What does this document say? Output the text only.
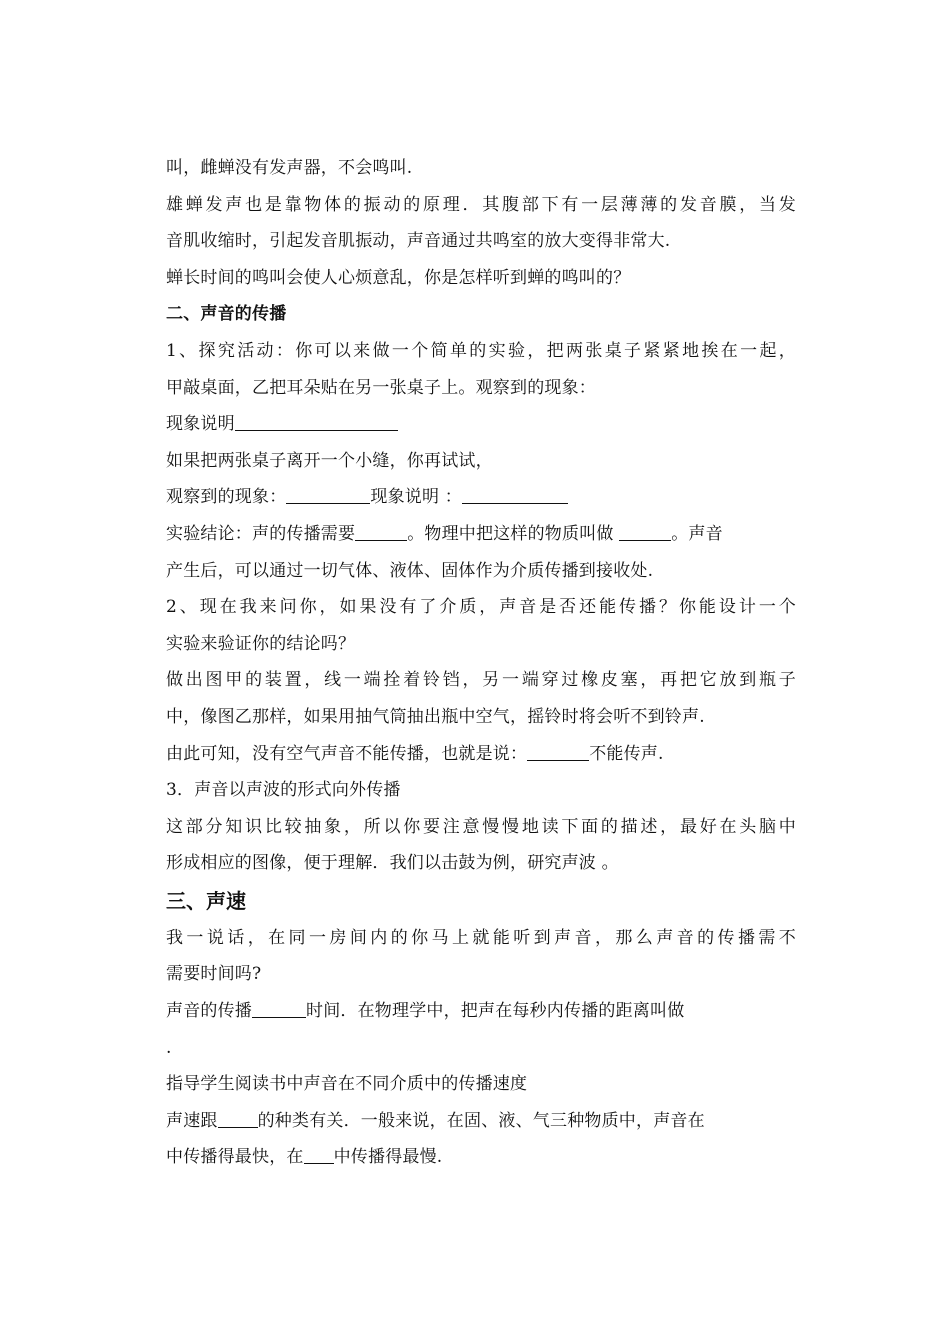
叫，雌蝉没有发声器，不会鸣叫.
雄蝉发声也是靠物体的振动的原理．其腹部下有一层薄薄的发音膜，当发
音肌收缩时，引起发音肌振动，声音通过共鸣室的放大变得非常大.
蝉长时间的鸣叫会使人心烦意乱，你是怎样听到蝉的鸣叫的？
二、声音的传播
1、探究活动：你可以来做一个简单的实验，把两张桌子紧紧地挨在一起，
甲敲桌面，乙把耳朵贴在另一张桌子上。观察到的现象：
现象说明
如果把两张桌子离开一个小缝，你再试试，
观察到的现象：	现象说明 ：
实验结论：声的传播需要	。物理中把这样的物质叫做	。声音
产生后，可以通过一切气体、液体、固体作为介质传播到接收处.
2、现在我来问你，如果没有了介质，声音是否还能传播？你能设计一个
实验来验证你的结论吗？
做出图甲的装置，线一端拴着铃铛，另一端穿过橡皮塞，再把它放到瓶子
中，像图乙那样，如果用抽气筒抽出瓶中空气，摇铃时将会听不到铃声.
由此可知，没有空气声音不能传播，也就是说：	不能传声.
3．声音以声波的形式向外传播
这部分知识比较抽象，所以你要注意慢慢地读下面的描述，最好在头脑中
形成相应的图像，便于理解．我们以击鼓为例，研究声波 。
三、声速
我一说话，在同一房间内的你马上就能听到声音，那么声音的传播需不
需要时间吗?
声音的传播	时间．在物理学中，把声在每秒内传播的距离叫做
.
指导学生阅读书中声音在不同介质中的传播速度
声速跟 的种类有关．一般来说，在固、液、气三种物质中，声音在
中传播得最快，在 中传播得最慢.
